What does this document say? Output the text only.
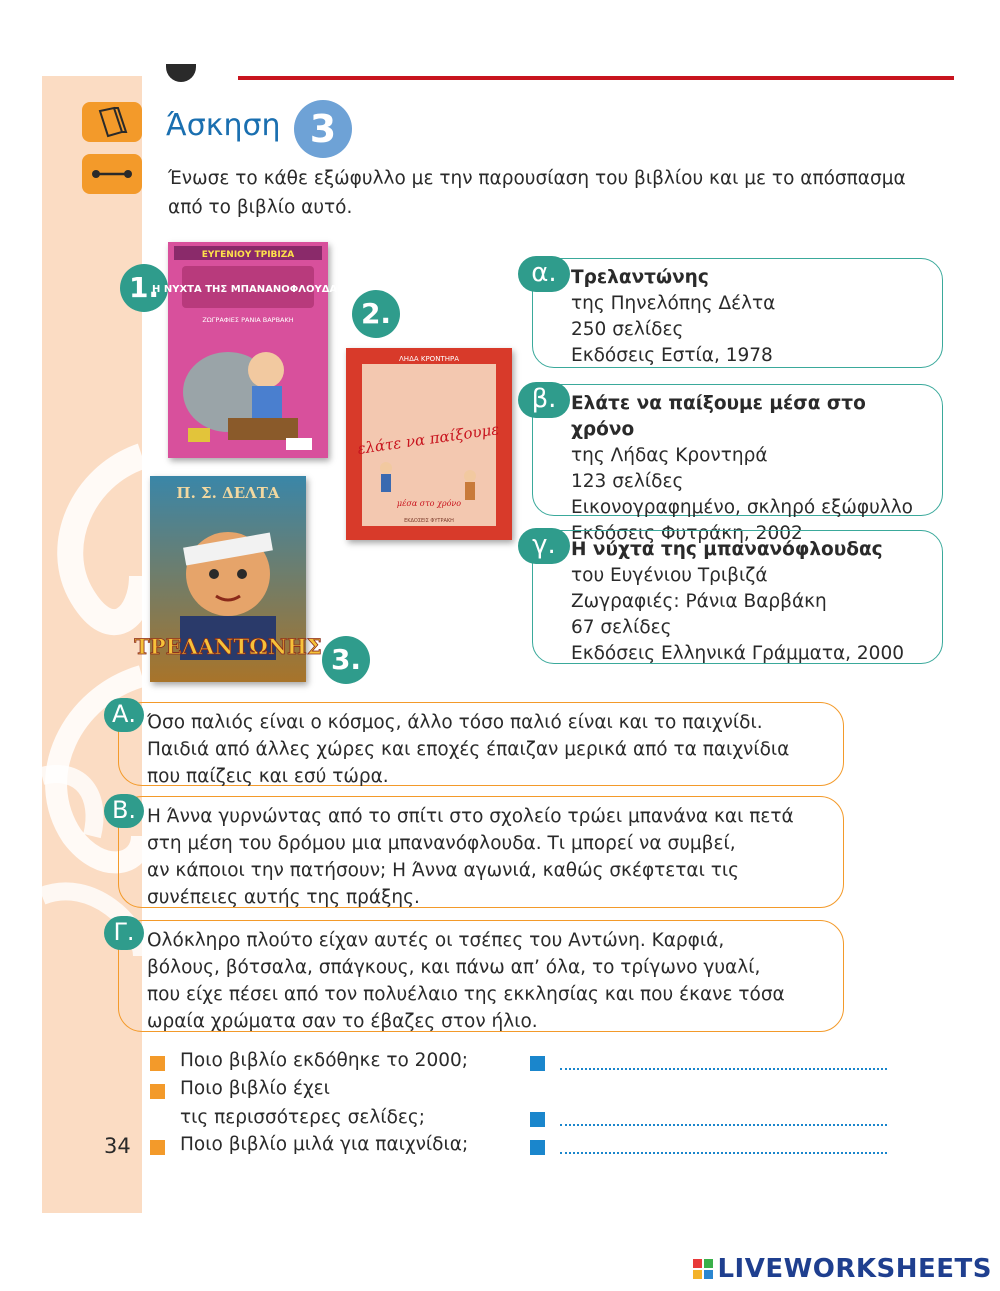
Άσκηση 3
Ένωσε το κάθε εξώφυλλο με την παρουσίαση του βιβλίου και με το απόσπασμα από το βιβλίο αυτό.
1.
ΕΥΓΕΝΙΟΥ ΤΡΙΒΙΖΑ
Η ΝΥΧΤΑ ΤΗΣ ΜΠΑΝΑΝΟΦΛΟΥΔΑΣ
ΖΩΓΡΑΦΙΕΣ ΡΑΝΙΑ ΒΑΡΒΑΚΗ	2.
ΛΗΔΑ ΚΡΟΝΤΗΡΑ
ελάτε να παίξουμε
μέσα στο χρόνο
ΕΚΔΟΣΕΙΣ ΦΥΤΡΑΚΗ
Π. Σ. ΔΕΛΤΑ
ΤΡΕΛΑΝΤΩΝΗΣ 3.
Τρελαντώνης
της Πηνελόπης Δέλτα
250 σελίδες
Εκδόσεις Εστία, 1978
α.
Ελάτε να παίξουμε μέσα στο χρόνο
της Λήδας Κροντηρά
123 σελίδες
Εικονογραφημένο, σκληρό εξώφυλλο
Εκδόσεις Φυτράκη, 2002
β.
Η νύχτα της μπανανόφλουδας
του Ευγένιου Τριβιζά
Ζωγραφιές: Ράνια Βαρβάκη
67 σελίδες
Εκδόσεις Ελληνικά Γράμματα, 2000
γ.
Όσο παλιός είναι ο κόσμος, άλλο τόσο παλιό είναι και το παιχνίδι.
Παιδιά από άλλες χώρες και εποχές έπαιζαν μερικά από τα παιχνίδια
που παίζεις και εσύ τώρα.
Α.
Η Άννα γυρνώντας από το σπίτι στο σχολείο τρώει μπανάνα και πετά
στη μέση του δρόμου μια μπανανόφλουδα. Τι μπορεί να συμβεί,
αν κάποιοι την πατήσουν; Η Άννα αγωνιά, καθώς σκέφτεται τις
συνέπειες αυτής της πράξης.
Β.
Ολόκληρο πλούτο είχαν αυτές οι τσέπες του Αντώνη. Καρφιά,
βόλους, βότσαλα, σπάγκους, και πάνω απ’ όλα, το τρίγωνο γυαλί,
που είχε πέσει από τον πολυέλαιο της εκκλησίας και που έκανε τόσα
ωραία χρώματα σαν το έβαζες στον ήλιο.
Γ.
Ποιο βιβλίο εκδόθηκε το 2000;
Ποιο βιβλίο έχει
τις περισσότερες σελίδες;
Ποιο βιβλίο μιλά για παιχνίδια;
34
LIVEWORKSHEETS
